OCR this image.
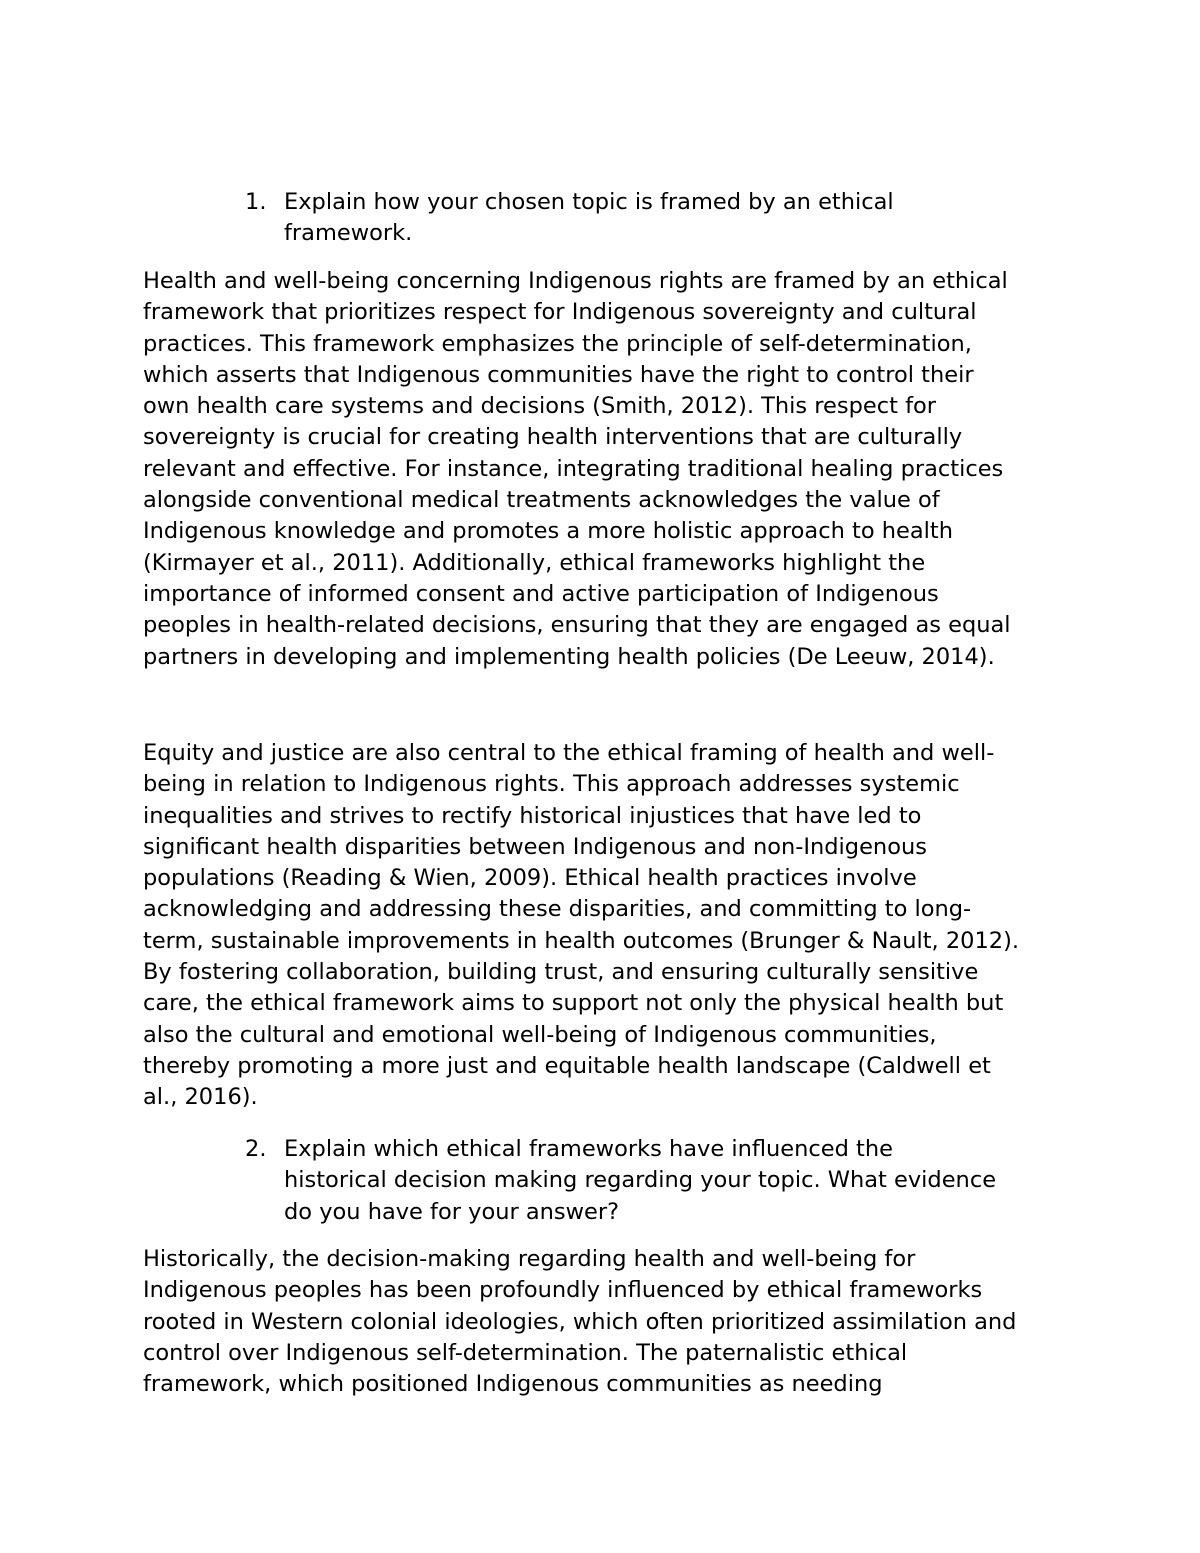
1. Explain how your chosen topic is framed by an ethical
framework.
Health and well-being concerning Indigenous rights are framed by an ethical
framework that prioritizes respect for Indigenous sovereignty and cultural
practices. This framework emphasizes the principle of self-determination,
which asserts that Indigenous communities have the right to control their
own health care systems and decisions (Smith, 2012). This respect for
sovereignty is crucial for creating health interventions that are culturally
relevant and effective. For instance, integrating traditional healing practices
alongside conventional medical treatments acknowledges the value of
Indigenous knowledge and promotes a more holistic approach to health
(Kirmayer et al., 2011). Additionally, ethical frameworks highlight the
importance of informed consent and active participation of Indigenous
peoples in health-related decisions, ensuring that they are engaged as equal
partners in developing and implementing health policies (De Leeuw, 2014).
Equity and justice are also central to the ethical framing of health and well-
being in relation to Indigenous rights. This approach addresses systemic
inequalities and strives to rectify historical injustices that have led to
significant health disparities between Indigenous and non-Indigenous
populations (Reading & Wien, 2009). Ethical health practices involve
acknowledging and addressing these disparities, and committing to long-
term, sustainable improvements in health outcomes (Brunger & Nault, 2012).
By fostering collaboration, building trust, and ensuring culturally sensitive
care, the ethical framework aims to support not only the physical health but
also the cultural and emotional well-being of Indigenous communities,
thereby promoting a more just and equitable health landscape (Caldwell et
al., 2016).
2. Explain which ethical frameworks have influenced the
historical decision making regarding your topic. What evidence
do you have for your answer?
Historically, the decision-making regarding health and well-being for
Indigenous peoples has been profoundly influenced by ethical frameworks
rooted in Western colonial ideologies, which often prioritized assimilation and
control over Indigenous self-determination. The paternalistic ethical
framework, which positioned Indigenous communities as needing
